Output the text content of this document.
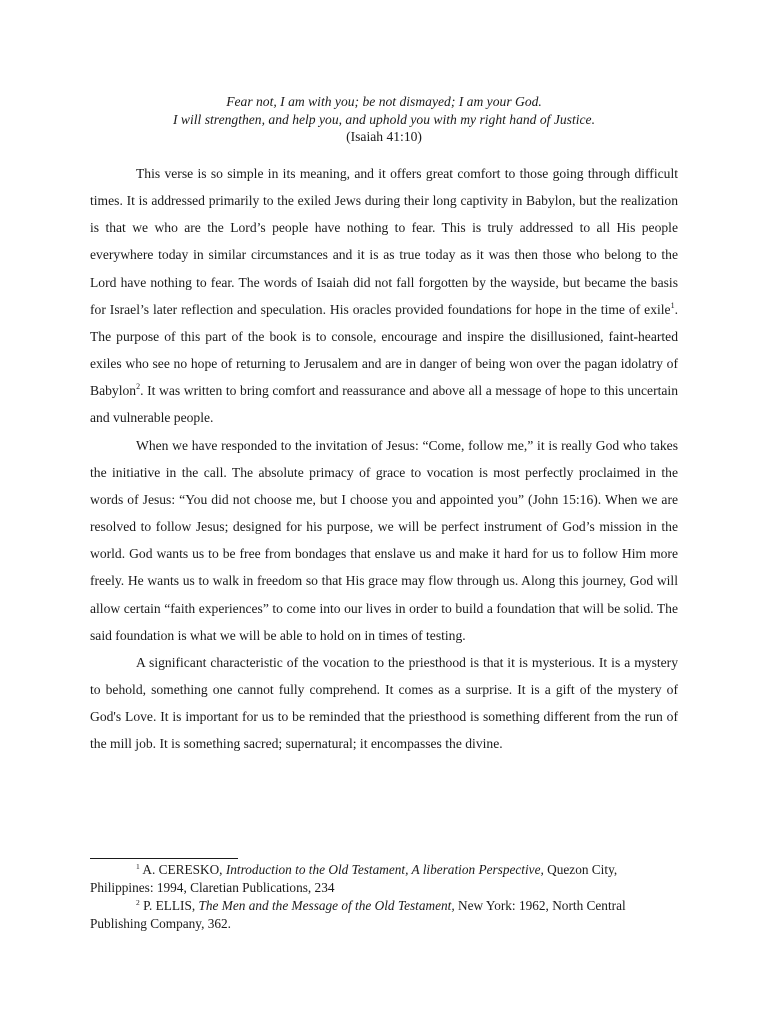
Fear not, I am with you; be not dismayed; I am your God.
I will strengthen, and help you, and uphold you with my right hand of Justice.
(Isaiah 41:10)

This verse is so simple in its meaning, and it offers great comfort to those going through difficult times. It is addressed primarily to the exiled Jews during their long captivity in Babylon, but the realization is that we who are the Lord’s people have nothing to fear. This is truly addressed to all His people everywhere today in similar circumstances and it is as true today as it was then those who belong to the Lord have nothing to fear. The words of Isaiah did not fall forgotten by the wayside, but became the basis for Israel’s later reflection and speculation. His oracles provided foundations for hope in the time of exile$^1$. The purpose of this part of the book is to console, encourage and inspire the disillusioned, faint-hearted exiles who see no hope of returning to Jerusalem and are in danger of being won over the pagan idolatry of Babylon$^2$. It was written to bring comfort and reassurance and above all a message of hope to this uncertain and vulnerable people.

When we have responded to the invitation of Jesus: “Come, follow me,” it is really God who takes the initiative in the call. The absolute primacy of grace to vocation is most perfectly proclaimed in the words of Jesus: “You did not choose me, but I choose you and appointed you” (John 15:16). When we are resolved to follow Jesus; designed for his purpose, we will be perfect instrument of God’s mission in the world. God wants us to be free from bondages that enslave us and make it hard for us to follow Him more freely. He wants us to walk in freedom so that His grace may flow through us. Along this journey, God will allow certain “faith experiences” to come into our lives in order to build a foundation that will be solid. The said foundation is what we will be able to hold on in times of testing.

A significant characteristic of the vocation to the priesthood is that it is mysterious. It is a mystery to behold, something one cannot fully comprehend. It comes as a surprise. It is a gift of the mystery of God's Love. It is important for us to be reminded that the priesthood is something different from the run of the mill job. It is something sacred; supernatural; it encompasses the divine.

$^1$ A. CERESKO, Introduction to the Old Testament, A liberation Perspective, Quezon City, Philippines: 1994, Claretian Publications, 234

$^2$ P. ELLIS, The Men and the Message of the Old Testament, New York: 1962, North Central Publishing Company, 362.
